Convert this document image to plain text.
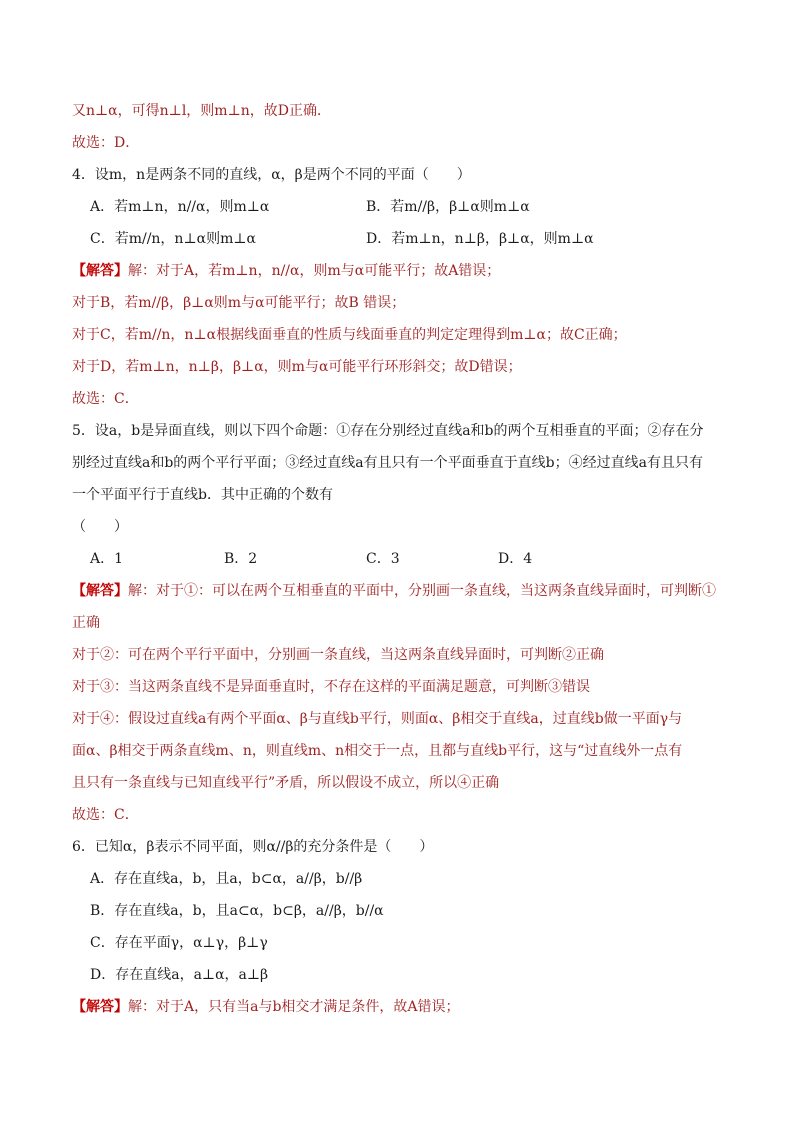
又n⊥α，可得n⊥l，则m⊥n，故D正确．
故选：D．
4．设m，n是两条不同的直线，α，β是两个不同的平面（　　）
A．若m⊥n，n//α，则m⊥α	B．若m//β，β⊥α则m⊥α
C．若m//n，n⊥α则m⊥α	D．若m⊥n，n⊥β，β⊥α，则m⊥α
【解答】解：对于A，若m⊥n，n//α，则m与α可能平行；故A错误；
对于B，若m//β，β⊥α则m与α可能平行；故B 错误；
对于C，若m//n，n⊥α根据线面垂直的性质与线面垂直的判定定理得到m⊥α；故C正确；
对于D，若m⊥n，n⊥β，β⊥α，则m与α可能平行环形斜交；故D错误；
故选：C．
5．设a，b是异面直线，则以下四个命题：①存在分别经过直线a和b的两个互相垂直的平面；②存在分
别经过直线a和b的两个平行平面；③经过直线a有且只有一个平面垂直于直线b；④经过直线a有且只有
一个平面平行于直线b．其中正确的个数有
（　　）
A．1	B．2	C．3	D．4
【解答】解：对于①：可以在两个互相垂直的平面中，分别画一条直线，当这两条直线异面时，可判断①
正确
对于②：可在两个平行平面中，分别画一条直线，当这两条直线异面时，可判断②正确
对于③：当这两条直线不是异面垂直时，不存在这样的平面满足题意，可判断③错误
对于④：假设过直线a有两个平面α、β与直线b平行，则面α、β相交于直线a，过直线b做一平面γ与
面α、β相交于两条直线m、n，则直线m、n相交于一点，且都与直线b平行，这与“过直线外一点有
且只有一条直线与已知直线平行”矛盾，所以假设不成立，所以④正确
故选：C．
6．已知α，β表示不同平面，则α//β的充分条件是（　　）
A．存在直线a，b，且a，b⊂α，a//β，b//β
B．存在直线a，b，且a⊂α，b⊂β，a//β，b//α
C．存在平面γ，α⊥γ，β⊥γ
D．存在直线a，a⊥α，a⊥β
【解答】解：对于A，只有当a与b相交才满足条件，故A错误；
